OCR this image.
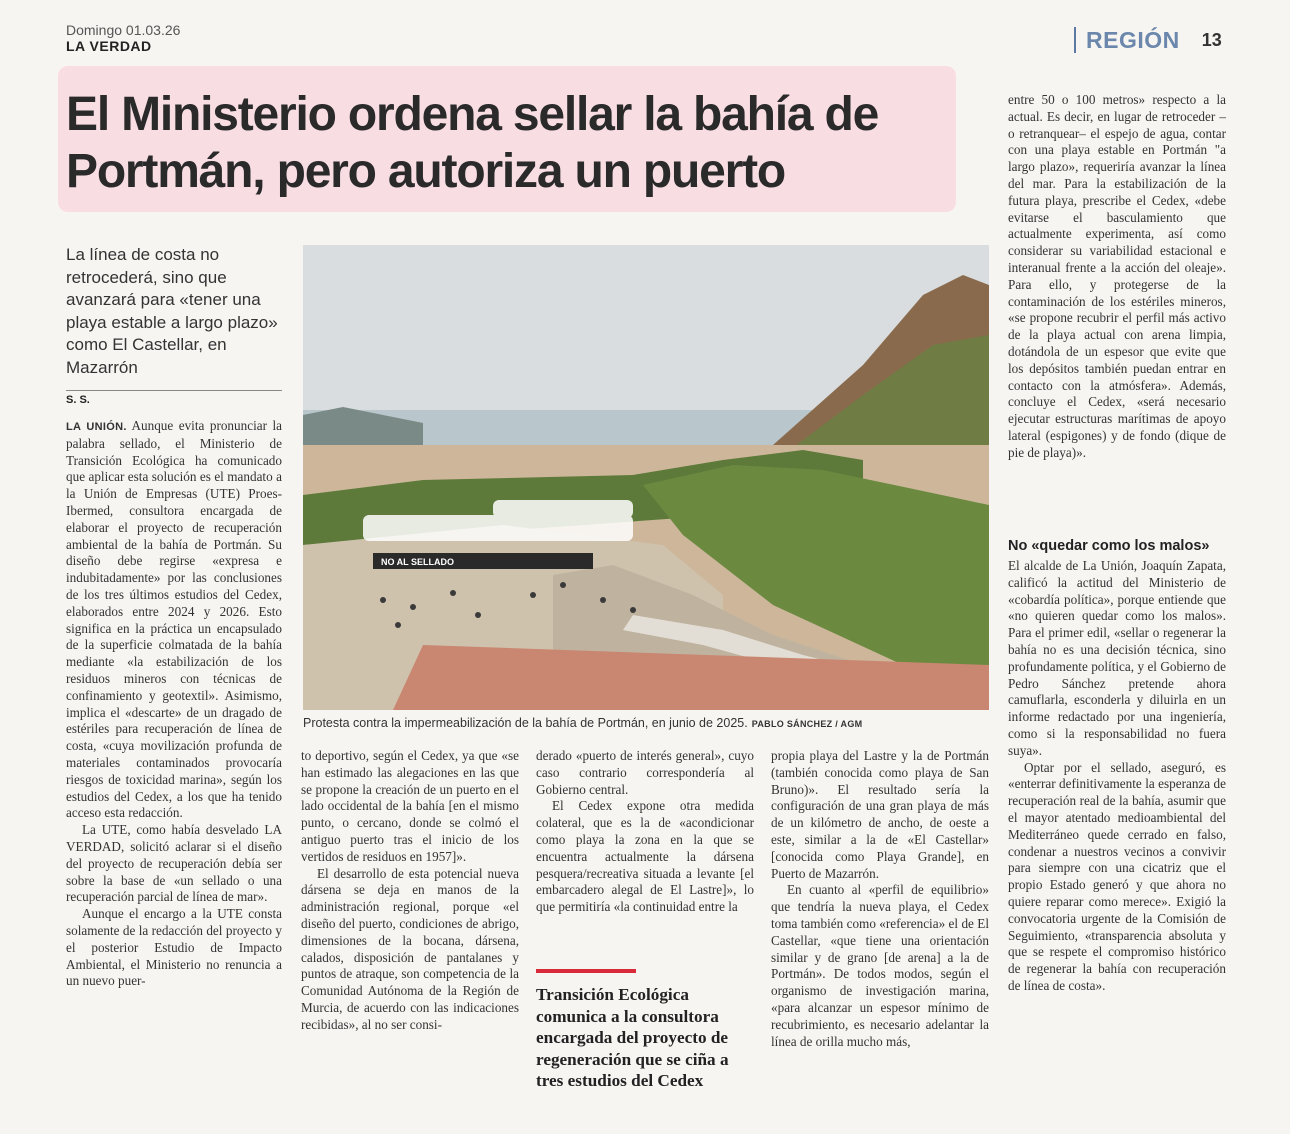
Domingo 01.03.26
LA VERDAD	REGIÓN 13
El Ministerio ordena sellar la bahía de Portmán, pero autoriza un puerto
La línea de costa no retrocederá, sino que avanzará para «tener una playa estable a largo plazo» como El Castellar, en Mazarrón
S. S.

LA UNIÓN. Aunque evita pronunciar la palabra sellado, el Ministerio de Transición Ecológica ha comunicado que aplicar esta solución es el mandato a la Unión de Empresas (UTE) Proes-Ibermed, consultora encargada de elaborar el proyecto de recuperación ambiental de la bahía de Portmán. Su diseño debe regirse «expresa e indubitadamente» por las conclusiones de los tres últimos estudios del Cedex, elaborados entre 2024 y 2026. Esto significa en la práctica un encapsulado de la superficie colmatada de la bahía mediante «la estabilización de los residuos mineros con técnicas de confinamiento y geotextil». Asimismo, implica el «descarte» de un dragado de estériles para recuperación de línea de costa, «cuya movilización profunda de materiales contaminados provocaría riesgos de toxicidad marina», según los estudios del Cedex, a los que ha tenido acceso esta redacción.

La UTE, como había desvelado LA VERDAD, solicitó aclarar si el diseño del proyecto de recuperación debía ser sobre la base de «un sellado o una recuperación parcial de línea de mar».

Aunque el encargo a la UTE consta solamente de la redacción del proyecto y el posterior Estudio de Impacto Ambiental, el Ministerio no renuncia a un nuevo puer-

NO AL SELLADO
Protesta contra la impermeabilización de la bahía de Portmán, en junio de 2025. PABLO SÁNCHEZ / AGM

to deportivo, según el Cedex, ya que «se han estimado las alegaciones en las que se propone la creación de un puerto en el lado occidental de la bahía [en el mismo punto, o cercano, donde se colmó el antiguo puerto tras el inicio de los vertidos de residuos en 1957]».

El desarrollo de esta potencial nueva dársena se deja en manos de la administración regional, porque «el diseño del puerto, condiciones de abrigo, dimensiones de la bocana, dársena, calados, disposición de pantalanes y puntos de atraque, son competencia de la Comunidad Autónoma de la Región de Murcia, de acuerdo con las indicaciones recibidas», al no ser consi-

derado «puerto de interés general», cuyo caso contrario correspondería al Gobierno central.

El Cedex expone otra medida colateral, que es la de «acondicionar como playa la zona en la que se encuentra actualmente la dársena pesquera/recreativa situada a levante [el embarcadero alegal de El Lastre]», lo que permitiría «la continuidad entre la

Transición Ecológica comunica a la consultora encargada del proyecto de regeneración que se ciña a tres estudios del Cedex

propia playa del Lastre y la de Portmán (también conocida como playa de San Bruno)». El resultado sería la configuración de una gran playa de más de un kilómetro de ancho, de oeste a este, similar a la de «El Castellar» [conocida como Playa Grande], en Puerto de Mazarrón.

En cuanto al «perfil de equilibrio» que tendría la nueva playa, el Cedex toma también como «referencia» el de El Castellar, «que tiene una orientación similar y de grano [de arena] a la de Portmán». De todos modos, según el organismo de investigación marina, «para alcanzar un espesor mínimo de recubrimiento, es necesario adelantar la línea de orilla mucho más,

entre 50 o 100 metros» respecto a la actual. Es decir, en lugar de retroceder –o retranquear– el espejo de agua, contar con una playa estable en Portmán "a largo plazo», requeriría avanzar la línea del mar. Para la estabilización de la futura playa, prescribe el Cedex, «debe evitarse el basculamiento que actualmente experimenta, así como considerar su variabilidad estacional e interanual frente a la acción del oleaje». Para ello, y protegerse de la contaminación de los estériles mineros, «se propone recubrir el perfil más activo de la playa actual con arena limpia, dotándola de un espesor que evite que los depósitos también puedan entrar en contacto con la atmósfera». Además, concluye el Cedex, «será necesario ejecutar estructuras marítimas de apoyo lateral (espigones) y de fondo (dique de pie de playa)».

No «quedar como los malos»

El alcalde de La Unión, Joaquín Zapata, calificó la actitud del Ministerio de «cobardía política», porque entiende que «no quieren quedar como los malos». Para el primer edil, «sellar o regenerar la bahía no es una decisión técnica, sino profundamente política, y el Gobierno de Pedro Sánchez pretende ahora camuflarla, esconderla y diluirla en un informe redactado por una ingeniería, como si la responsabilidad no fuera suya».

Optar por el sellado, aseguró, es «enterrar definitivamente la esperanza de recuperación real de la bahía, asumir que el mayor atentado medioambiental del Mediterráneo quede cerrado en falso, condenar a nuestros vecinos a convivir para siempre con una cicatriz que el propio Estado generó y que ahora no quiere reparar como merece». Exigió la convocatoria urgente de la Comisión de Seguimiento, «transparencia absoluta y que se respete el compromiso histórico de regenerar la bahía con recuperación de línea de costa».
